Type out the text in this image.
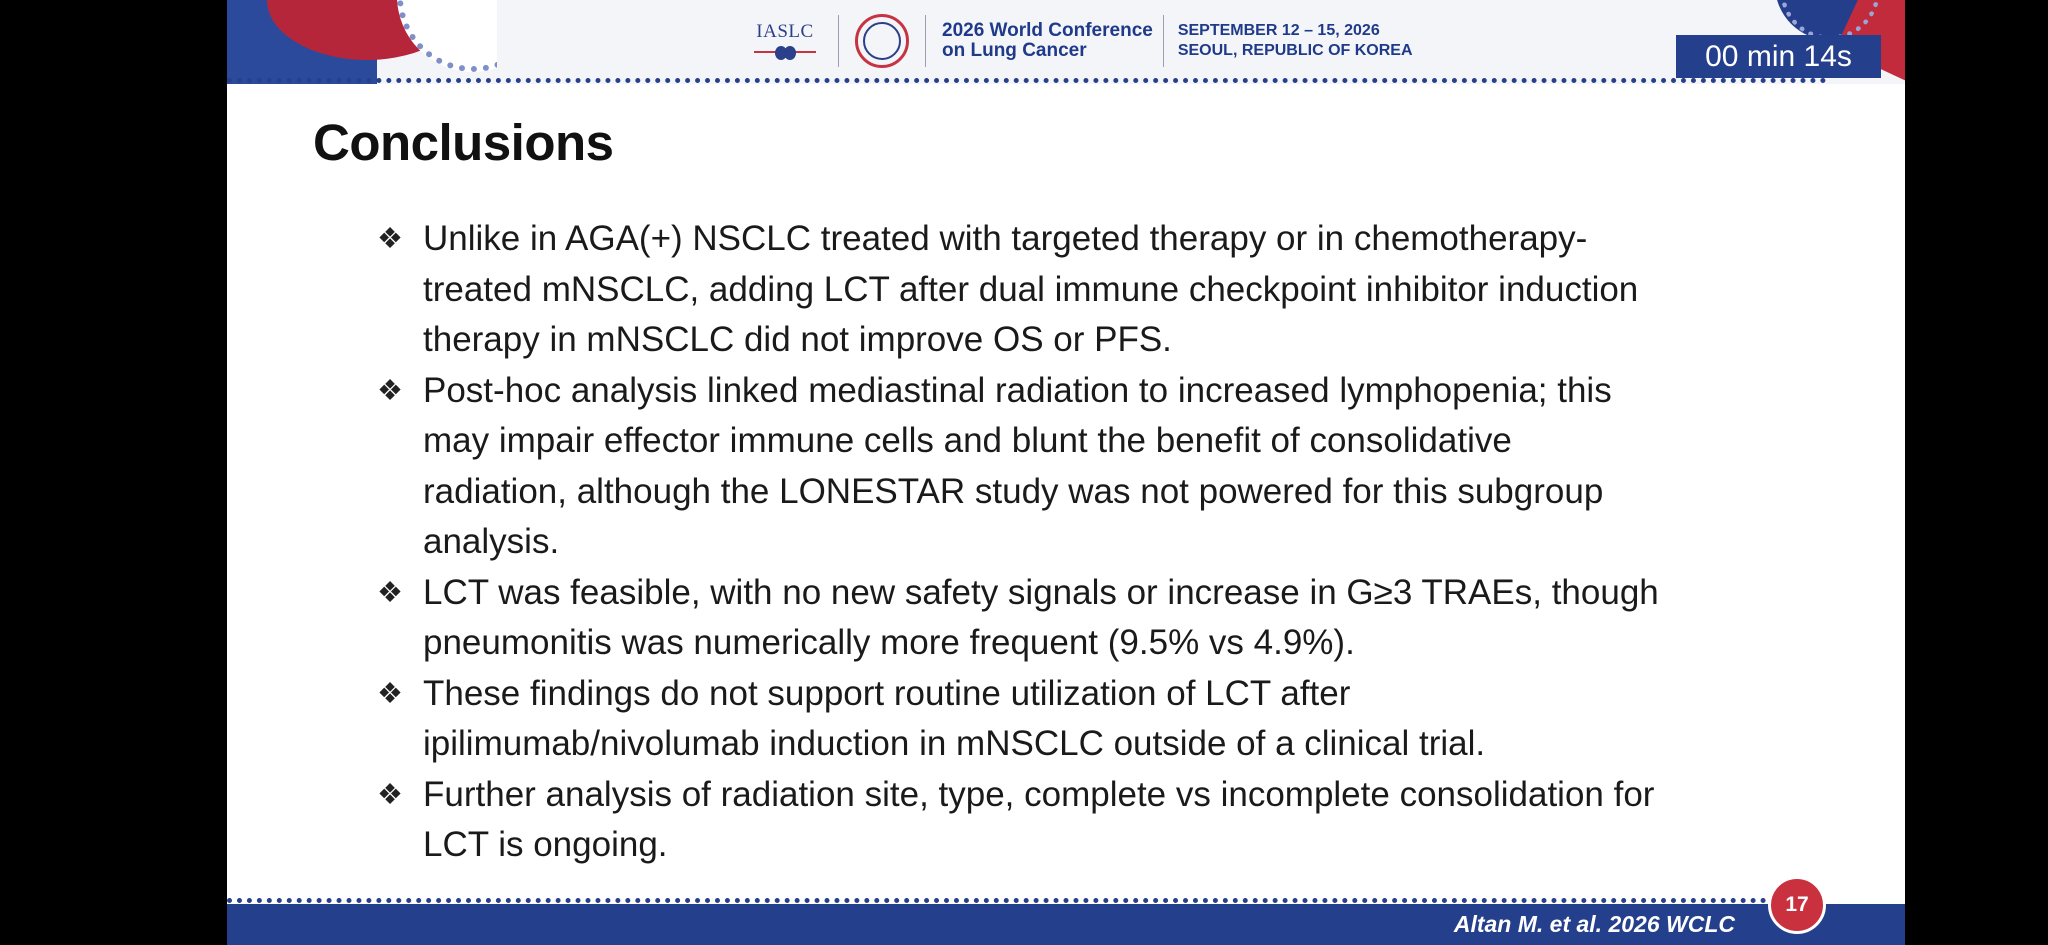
IASLC	2026 World Conference
on Lung Cancer
SEPTEMBER 12 – 15, 2026
SEOUL, REPUBLIC OF KOREA	00 min 14s
Conclusions
❖ Unlike in AGA(+) NSCLC treated with targeted therapy or in chemotherapy-
treated mNSCLC, adding LCT after dual immune checkpoint inhibitor induction
therapy in mNSCLC did not improve OS or PFS.
❖ Post-hoc analysis linked mediastinal radiation to increased lymphopenia; this
may impair effector immune cells and blunt the benefit of consolidative
radiation, although the LONESTAR study was not powered for this subgroup
analysis.
❖ LCT was feasible, with no new safety signals or increase in G≥3 TRAEs, though
pneumonitis was numerically more frequent (9.5% vs 4.9%).
❖ These findings do not support routine utilization of LCT after
ipilimumab/nivolumab induction in mNSCLC outside of a clinical trial.
❖ Further analysis of radiation site, type, complete vs incomplete consolidation for
LCT is ongoing.
Altan M. et al. 2026 WCLC
17
